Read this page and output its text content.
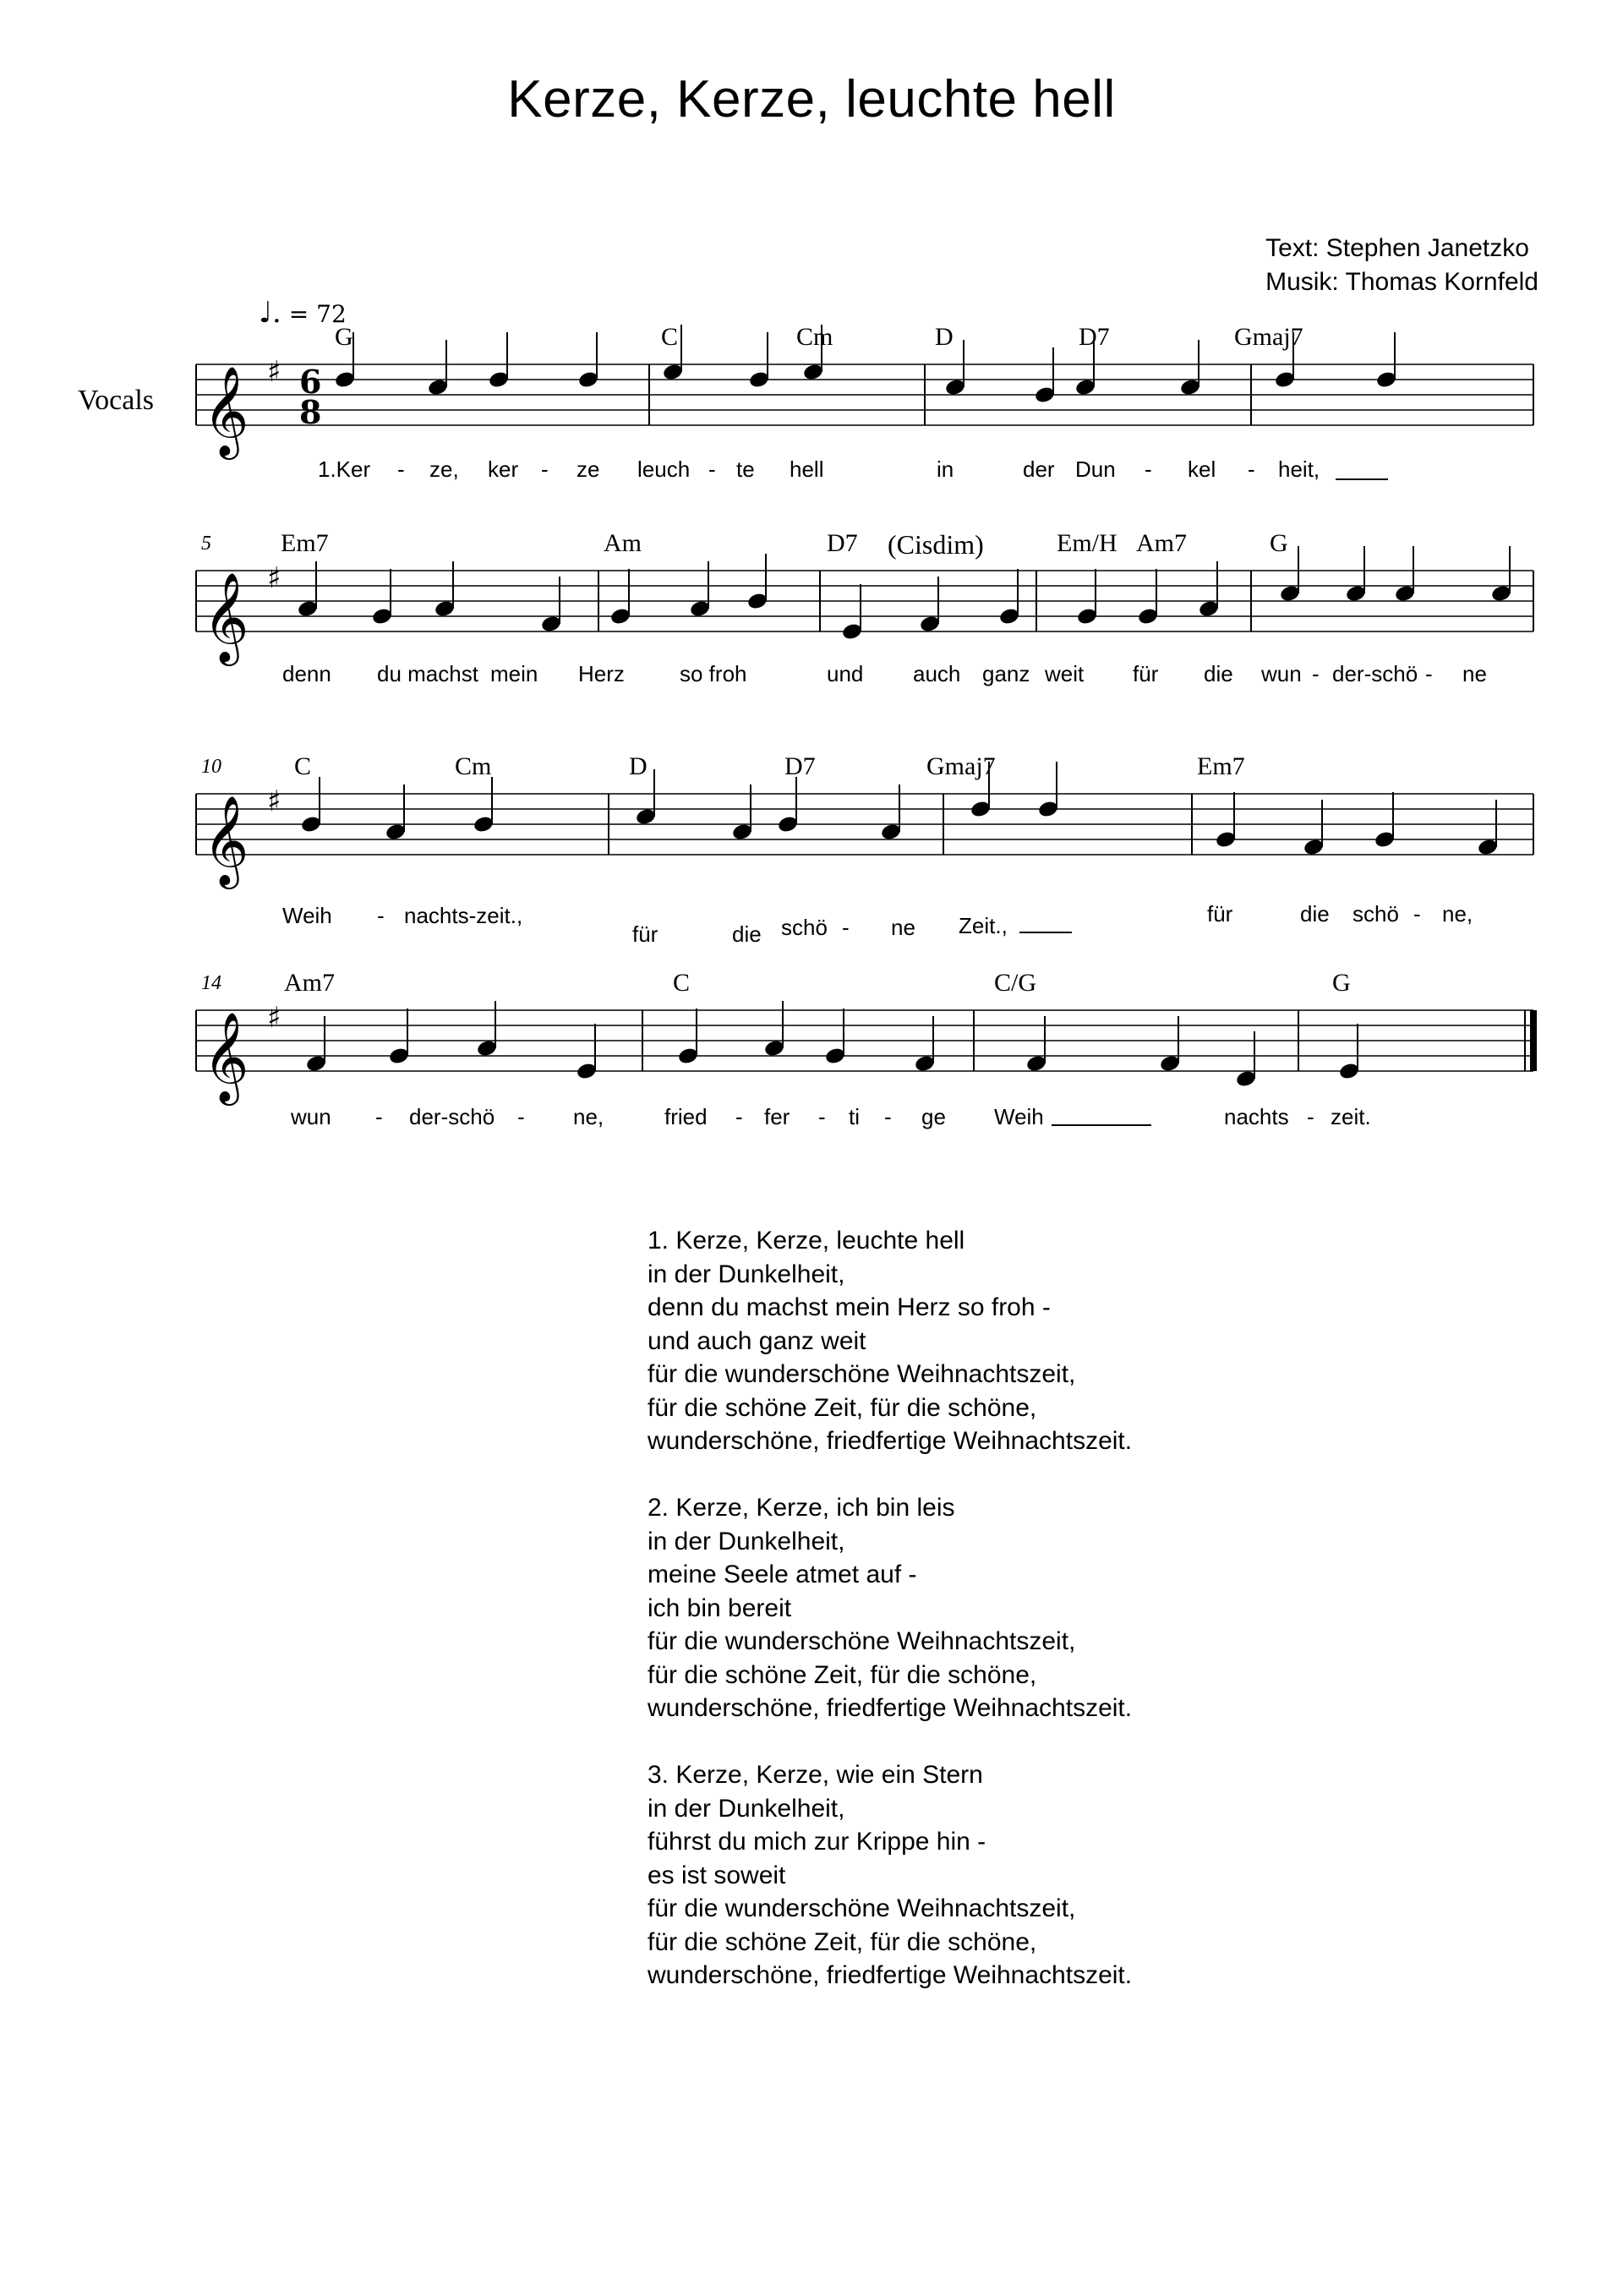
Kerze, Kerze, leuchte hell
Text: Stephen Janetzko
Musik: Thomas Kornfeld
♩. = 72
Vocals 𝄞 ♯ 6
8
𝄞 ♯
𝄞 ♯
𝄞 ♯
G	C	Cm	D	D7	Gmaj7
1.Ker - ze, ker - ze leuch - te hell	in	der Dun - kel - heit,
5	Em7	Am	D7 (Cisdim)	Em/H Am7	G
denn du machst mein Herz	so froh	und auch ganz weit für die wun - der-schö - ne
10	C	Cm	D	D7	Gmaj7	Em7
Weih - nachts-zeit.,
für	die schö - ne Zeit.,	für	die schö - ne,
14 Am7	C	C/G	G
wun - der-schö - ne,	fried - fer - ti - ge Weih	nachts - zeit.
1. Kerze, Kerze, leuchte hell
in der Dunkelheit,
denn du machst mein Herz so froh -
und auch ganz weit
für die wunderschöne Weihnachtszeit,
für die schöne Zeit, für die schöne,
wunderschöne, friedfertige Weihnachtszeit.
2. Kerze, Kerze, ich bin leis
in der Dunkelheit,
meine Seele atmet auf -
ich bin bereit
für die wunderschöne Weihnachtszeit,
für die schöne Zeit, für die schöne,
wunderschöne, friedfertige Weihnachtszeit.
3. Kerze, Kerze, wie ein Stern
in der Dunkelheit,
führst du mich zur Krippe hin -
es ist soweit
für die wunderschöne Weihnachtszeit,
für die schöne Zeit, für die schöne,
wunderschöne, friedfertige Weihnachtszeit.
